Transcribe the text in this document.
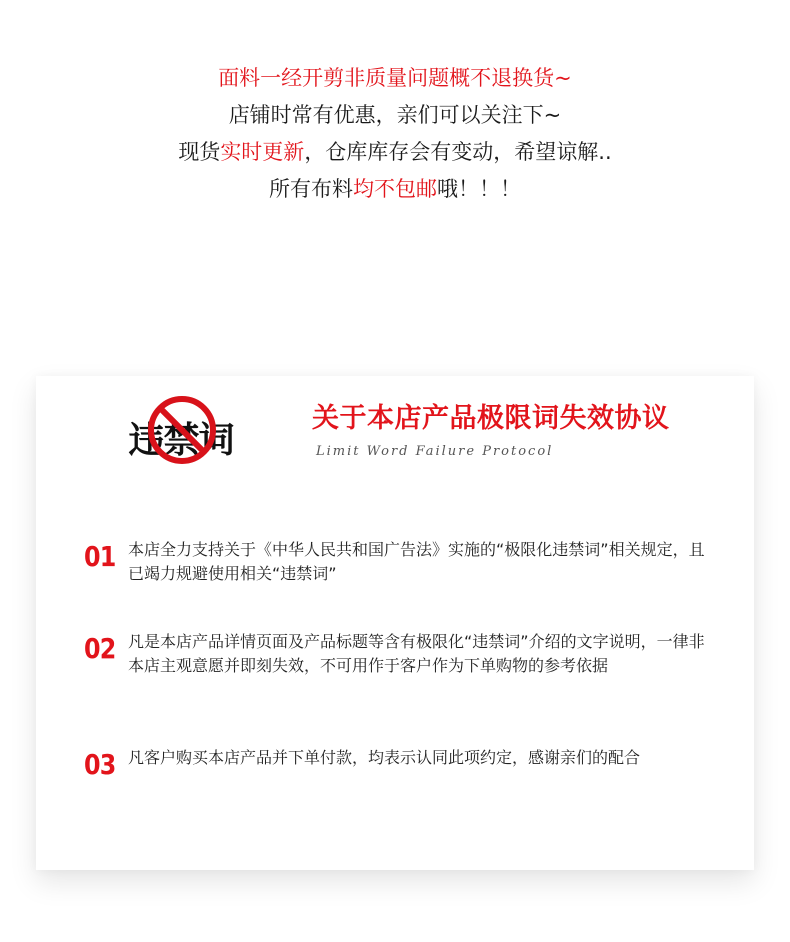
面料一经开剪非质量问题概不退换货~
店铺时常有优惠，亲们可以关注下~
现货实时更新，仓库库存会有变动，希望谅解..
所有布料均不包邮哦！！！
违禁词
关于本店产品极限词失效协议
Limit Word Failure Protocol
01 本店全力支持关于《中华人民共和国广告法》实施的“极限化违禁词”相关规定，且已竭力规避使用相关“违禁词”
02 凡是本店产品详情页面及产品标题等含有极限化“违禁词”介绍的文字说明，一律非本店主观意愿并即刻失效，不可用作于客户作为下单购物的参考依据
03 凡客户购买本店产品并下单付款，均表示认同此项约定，感谢亲们的配合
